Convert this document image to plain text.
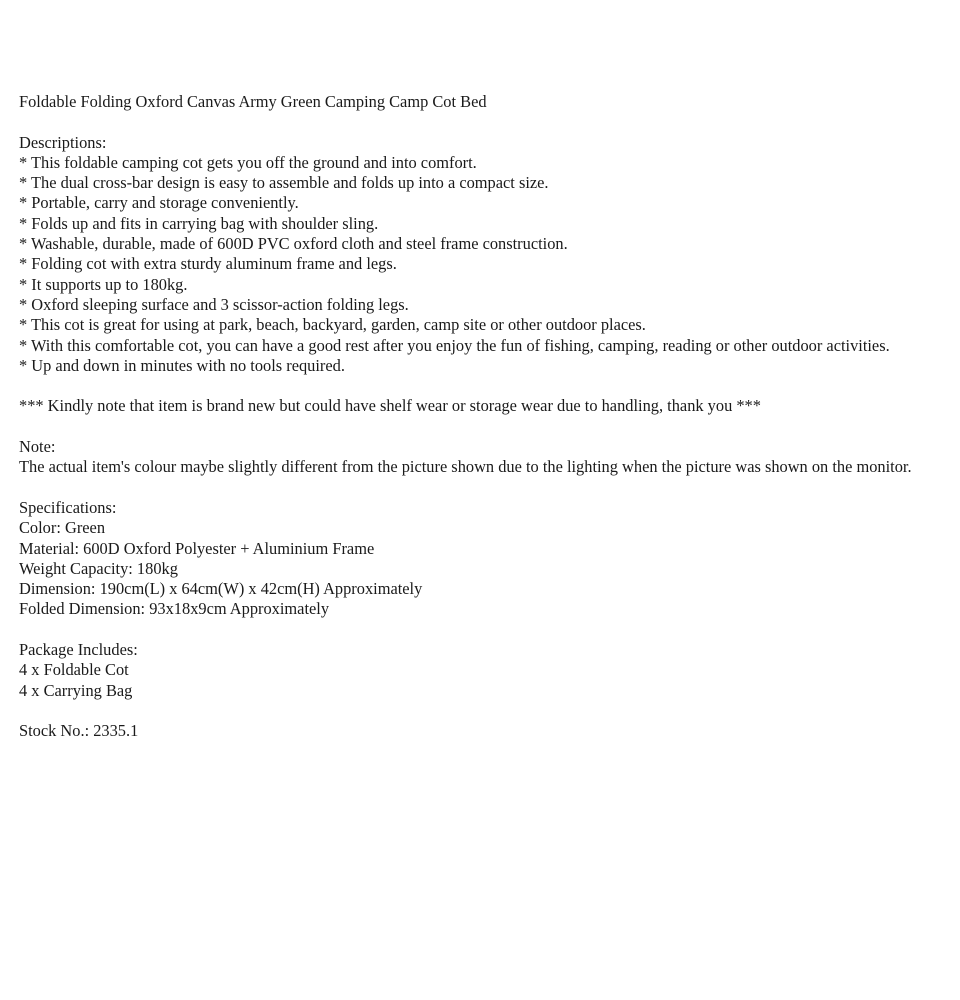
Foldable Folding Oxford Canvas Army Green Camping Camp Cot Bed
Descriptions:
* This foldable camping cot gets you off the ground and into comfort.
* The dual cross-bar design is easy to assemble and folds up into a compact size.
* Portable, carry and storage conveniently.
* Folds up and fits in carrying bag with shoulder sling.
* Washable, durable, made of 600D PVC oxford cloth and steel frame construction.
* Folding cot with extra sturdy aluminum frame and legs.
* It supports up to 180kg.
* Oxford sleeping surface and 3 scissor-action folding legs.
* This cot is great for using at park, beach, backyard, garden, camp site or other outdoor places.
* With this comfortable cot, you can have a good rest after you enjoy the fun of fishing, camping, reading or other outdoor activities.
* Up and down in minutes with no tools required.
*** Kindly note that item is brand new but could have shelf wear or storage wear due to handling, thank you ***
Note:
The actual item's colour maybe slightly different from the picture shown due to the lighting when the picture was shown on the monitor.
Specifications:
Color: Green
Material: 600D Oxford Polyester + Aluminium Frame
Weight Capacity: 180kg
Dimension: 190cm(L) x 64cm(W) x 42cm(H) Approximately
Folded Dimension: 93x18x9cm Approximately
Package Includes:
4 x Foldable Cot
4 x Carrying Bag
Stock No.: 2335.1
